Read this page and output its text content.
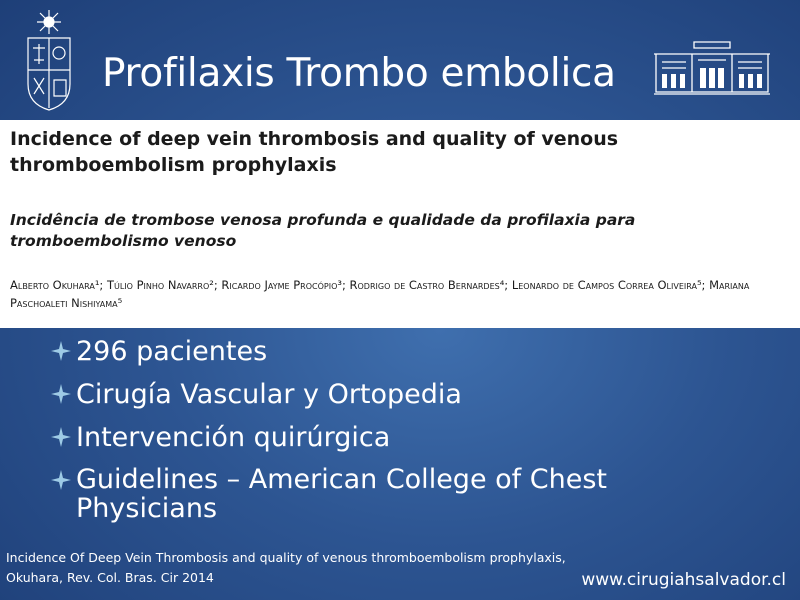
Profilaxis Trombo embolica
Incidence of deep vein thrombosis and quality of venous thromboembolism prophylaxis
Incidência de trombose venosa profunda e qualidade da profilaxia para tromboembolismo venoso
Alberto Okuhara¹; Túlio Pinho Navarro²; Ricardo Jayme Procópio³; Rodrigo de Castro Bernardes⁴; Leonardo de Campos Correa Oliveira⁵; Mariana Paschoaleti Nishiyama⁵
296 pacientes
Cirugía Vascular y Ortopedia
Intervención quirúrgica
Guidelines – American College of Chest Physicians
Incidence Of Deep Vein Thrombosis and quality of venous thromboembolism prophylaxis,
Okuhara, Rev. Col. Bras. Cir 2014	www.cirugiahsalvador.cl
